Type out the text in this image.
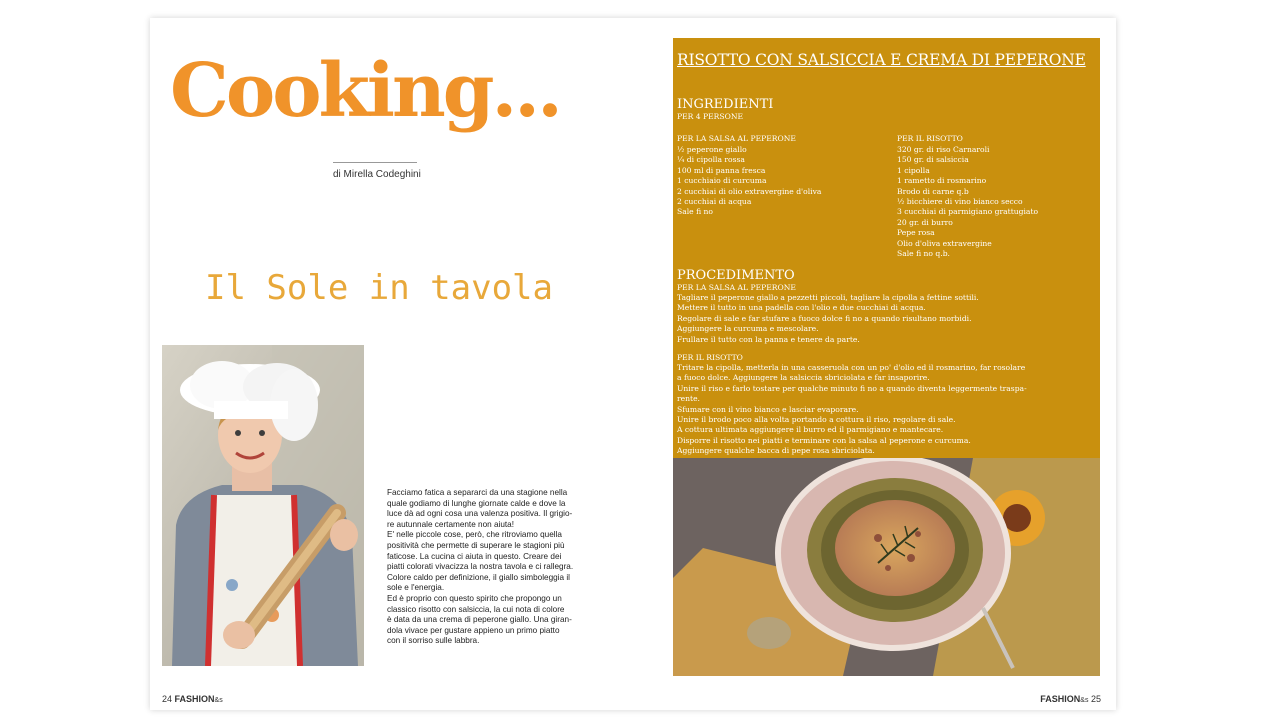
Cooking...
di Mirella Codeghini
Il Sole in tavola

Facciamo fatica a separarci da una stagione nella
quale godiamo di lunghe giornate calde e dove la
luce dà ad ogni cosa una valenza positiva. Il grigio-
re autunnale certamente non aiuta!
E' nelle piccole cose, però, che ritroviamo quella
positività che permette di superare le stagioni più
faticose. La cucina ci aiuta in questo. Creare dei
piatti colorati vivacizza la nostra tavola e ci rallegra.
Colore caldo per definizione, il giallo simboleggia il
sole e l'energia.
Ed è proprio con questo spirito che propongo un
classico risotto con salsiccia, la cui nota di colore
è data da una crema di peperone giallo. Una giran-
dola vivace per gustare appieno un primo piatto
con il sorriso sulle labbra.

24 FASHION&s
RISOTTO CON SALSICCIA E CREMA DI PEPERONE
INGREDIENTI
PER 4 PERSONE
PER LA SALSA AL PEPERONE
½ peperone giallo
¼ di cipolla rossa
100 ml di panna fresca
1 cucchiaio di curcuma
2 cucchiai di olio extravergine d'oliva
2 cucchiai di acqua
Sale fi no
PER IL RISOTTO
320 gr. di riso Carnaroli
150 gr. di salsiccia
1 cipolla
1 rametto di rosmarino
Brodo di carne q.b
½ bicchiere di vino bianco secco
3 cucchiai di parmigiano grattugiato
20 gr. di burro
Pepe rosa
Olio d'oliva extravergine
Sale fi no q.b.
PROCEDIMENTO
PER LA SALSA AL PEPERONE
Tagliare il peperone giallo a pezzetti piccoli, tagliare la cipolla a fettine sottili.
Mettere il tutto in una padella con l'olio e due cucchiai di acqua.
Regolare di sale e far stufare a fuoco dolce fi no a quando risultano morbidi.
Aggiungere la curcuma e mescolare.
Frullare il tutto con la panna e tenere da parte.
PER IL RISOTTO
Tritare la cipolla, metterla in una casseruola con un po' d'olio ed il rosmarino, far rosolare
a fuoco dolce. Aggiungere la salsiccia sbriciolata e far insaporire.
Unire il riso e farlo tostare per qualche minuto fi no a quando diventa leggermente traspa-
rente.
Sfumare con il vino bianco e lasciar evaporare.
Unire il brodo poco alla volta portando a cottura il riso, regolare di sale.
A cottura ultimata aggiungere il burro ed il parmigiano e mantecare.
Disporre il risotto nei piatti e terminare con la salsa al peperone e curcuma.
Aggiungere qualche bacca di pepe rosa sbriciolata.
FASHION&s 25
